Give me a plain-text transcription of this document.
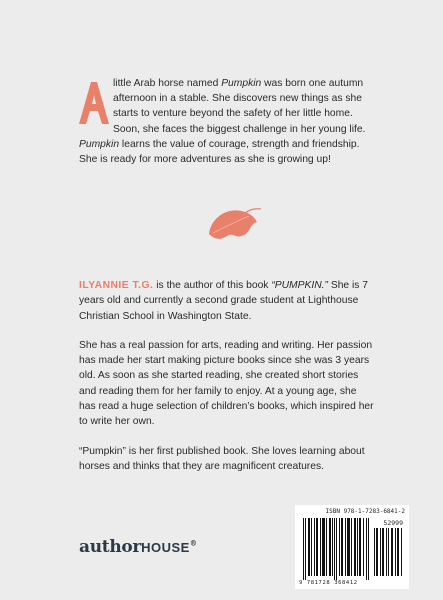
little Arab horse named Pumpkin was born one autumn afternoon in a stable. She discovers new things as she starts to venture beyond the safety of her little home. Soon, she faces the biggest challenge in her young life. Pumpkin learns the value of courage, strength and friendship. She is ready for more adventures as she is growing up!

ILYANNIE T.G. is the author of this book “PUMPKIN.” She is 7 years old and currently a second grade student at Lighthouse Christian School in Washington State.

She has a real passion for arts, reading and writing. Her passion has made her start making picture books since she was 3 years old. As soon as she started reading, she created short stories and reading them for her family to enjoy. At a young age, she has read a huge selection of children’s books, which inspired her to write her own.

“Pumpkin” is her first published book. She loves learning about horses and thinks that they are magnificent creatures.

authorHOUSE®
ISBN 978-1-7283-6841-2
52999
9 781728 368412
